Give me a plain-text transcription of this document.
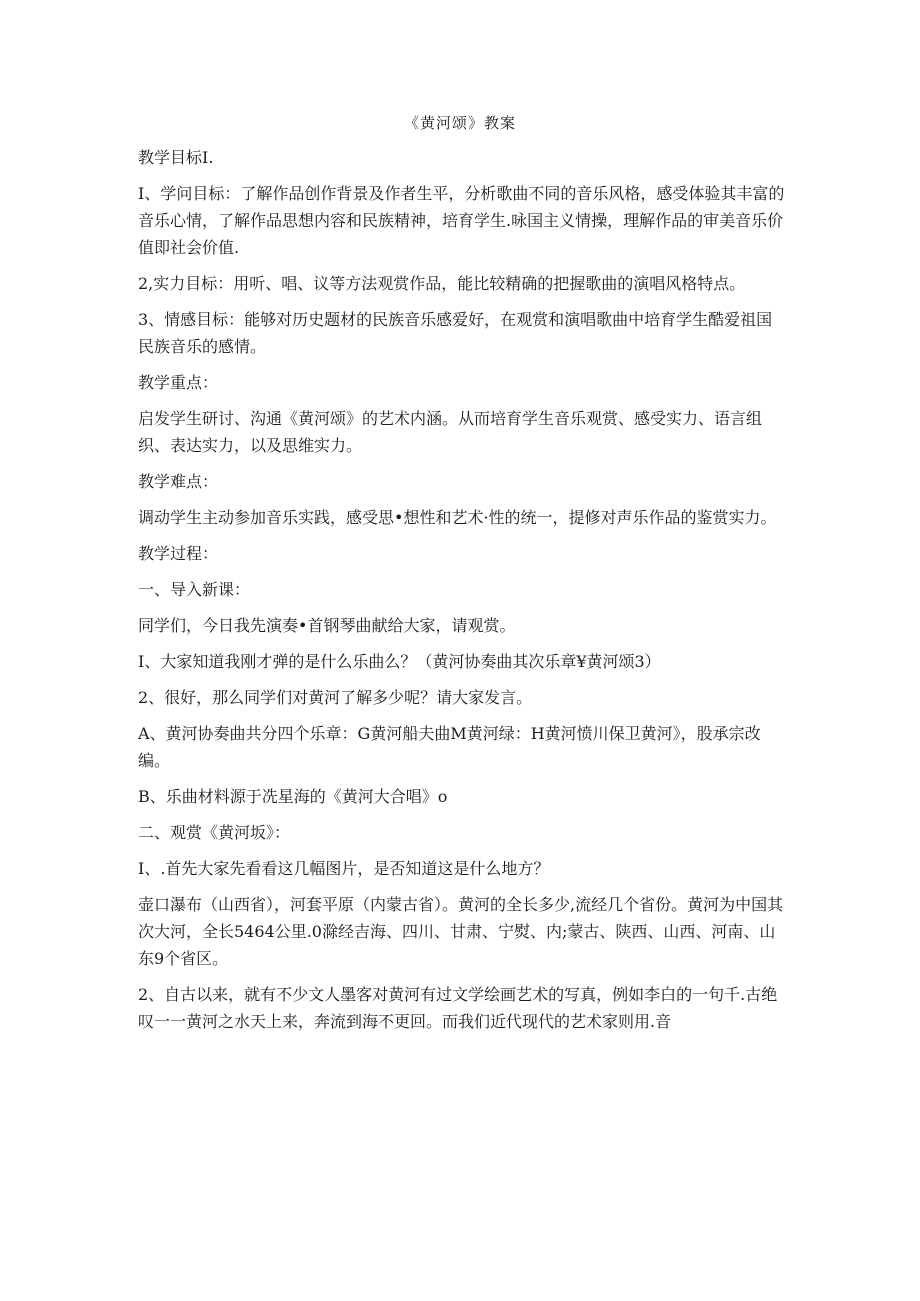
《黄河颂》教案

教学目标I.

I、学问目标：了解作品创作背景及作者生平，分析歌曲不同的音乐风格，感受体验其丰富的音乐心情，了解作品思想内容和民族精神，培育学生.咏国主义情操，理解作品的审美音乐价值即社会价值.

2,实力目标：用听、唱、议等方法观赏作品，能比较精确的把握歌曲的演唱风格特点。

3、情感目标：能够对历史题材的民族音乐感爱好，在观赏和演唱歌曲中培育学生酷爱祖国民族音乐的感情。

教学重点：

启发学生研讨、沟通《黄河颂》的艺术内涵。从而培育学生音乐观赏、感受实力、语言组织、表达实力，以及思维实力。

教学难点：

调动学生主动参加音乐实践，感受思•想性和艺术·性的统一，提修对声乐作品的鉴赏实力。

教学过程：

一、导入新课：

同学们，今日我先演奏•首钢琴曲献给大家，请观赏。

I、大家知道我刚才弹的是什么乐曲么？（黄河协奏曲其次乐章¥黄河颂3）

2、很好，那么同学们对黄河了解多少呢？请大家发言。

A、黄河协奏曲共分四个乐章：G黄河船夫曲M黄河绿：H黄河愤川保卫黄河》，股承宗改编。

B、乐曲材料源于冼星海的《黄河大合唱》o

二、观赏《黄河坂》：

I、.首先大家先看看这几幅图片，是否知道这是什么地方？

壶口瀑布（山西省），河套平原（内蒙古省）。黄河的全长多少,流经几个省份。黄河为中国其次大河，全长5464公里.0滁经吉海、四川、甘肃、宁熨、内;蒙古、陕西、山西、河南、山东9个省区。

2、自古以来，就有不少文人墨客对黄河有过文学绘画艺术的写真，例如李白的一句千.古绝叹一一黄河之水天上来，奔流到海不更回。而我们近代现代的艺术家则用.音
